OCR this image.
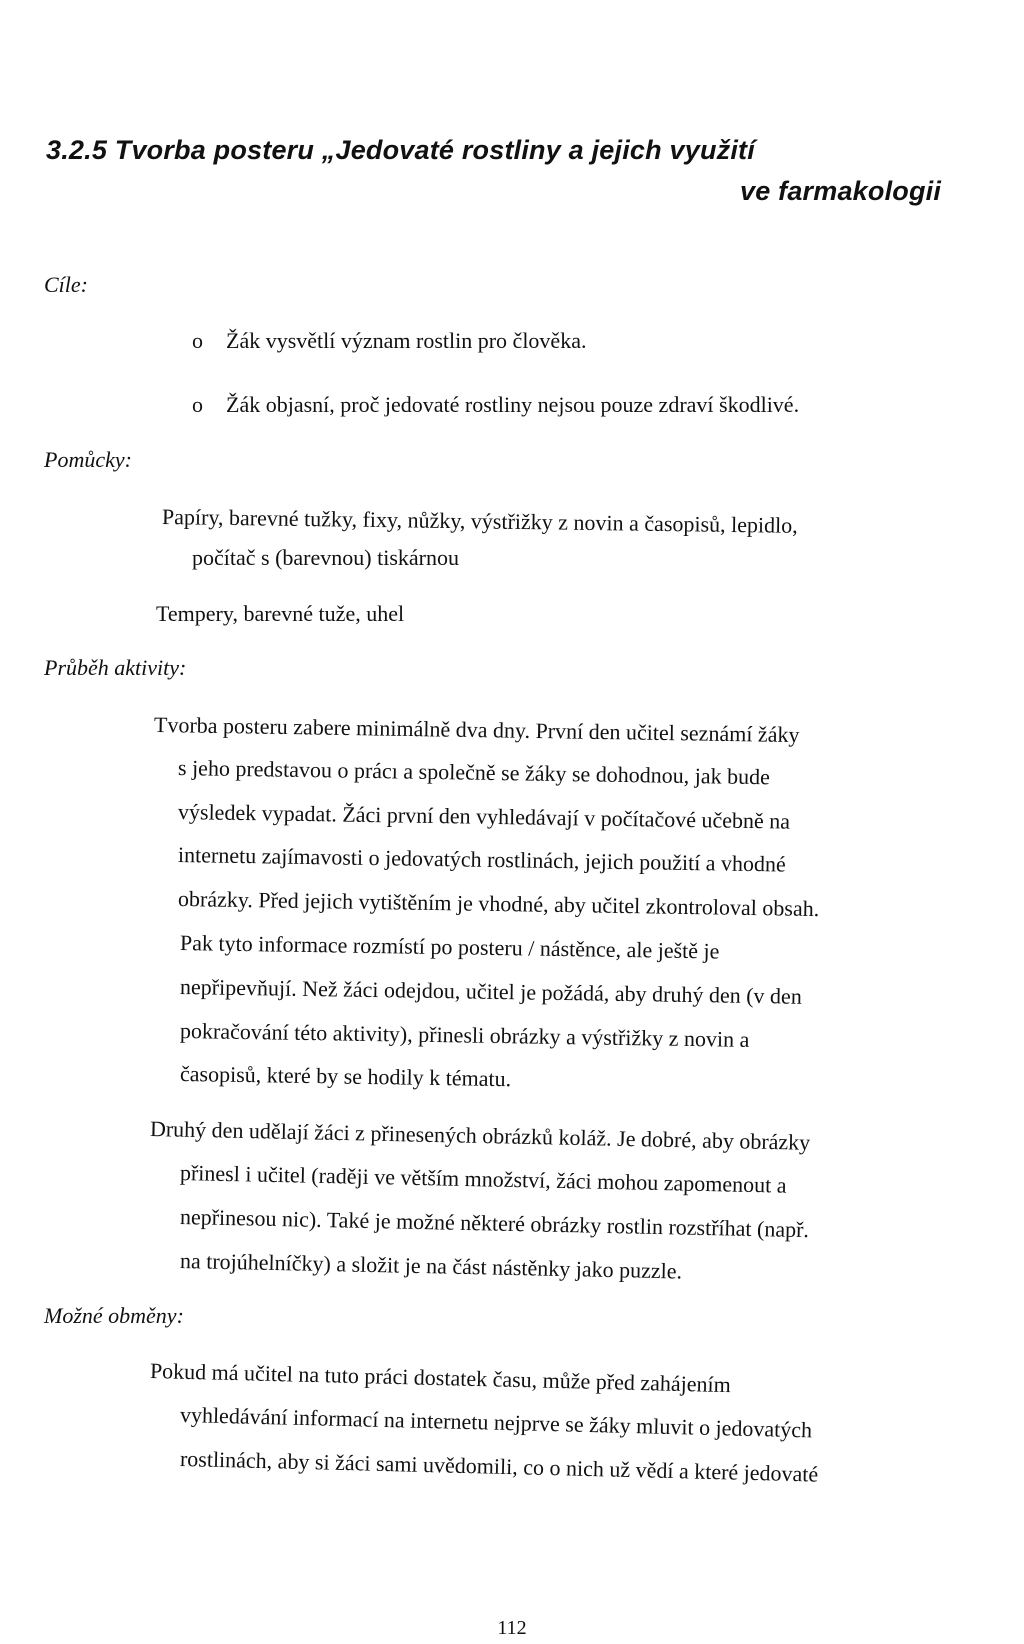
3.2.5 Tvorba posteru „Jedovaté rostliny a jejich využití
ve farmakologii
Cíle:
o Žák vysvětlí význam rostlin pro člověka.
o Žák objasní, proč jedovaté rostliny nejsou pouze zdraví škodlivé.
Pomůcky:
Papíry, barevné tužky, fixy, nůžky, výstřižky z novin a časopisů, lepidlo,
počítač s (barevnou) tiskárnou
Tempery, barevné tuže, uhel
Průběh aktivity:
Tvorba posteru zabere minimálně dva dny. První den učitel seznámí žáky
s jeho predstavou o prácı a společně se žáky se dohodnou, jak bude
výsledek vypadat. Žáci první den vyhledávají v počítačové učebně na
internetu zajímavosti o jedovatých rostlinách, jejich použití a vhodné
obrázky. Před jejich vytištěním je vhodné, aby učitel zkontroloval obsah.
Pak tyto informace rozmístí po posteru / nástěnce, ale ještě je
nepřipevňují. Než žáci odejdou, učitel je požádá, aby druhý den (v den
pokračování této aktivity), přinesli obrázky a výstřižky z novin a
časopisů, které by se hodily k tématu.
Druhý den udělají žáci z přinesených obrázků koláž. Je dobré, aby obrázky
přinesl i učitel (raději ve větším množství, žáci mohou zapomenout a
nepřinesou nic). Také je možné některé obrázky rostlin rozstříhat (např.
na trojúhelníčky) a složit je na část nástěnky jako puzzle.
Možné obměny:
Pokud má učitel na tuto práci dostatek času, může před zahájením
vyhledávání informací na internetu nejprve se žáky mluvit o jedovatých
rostlinách, aby si žáci sami uvědomili, co o nich už vědí a které jedovaté
112
